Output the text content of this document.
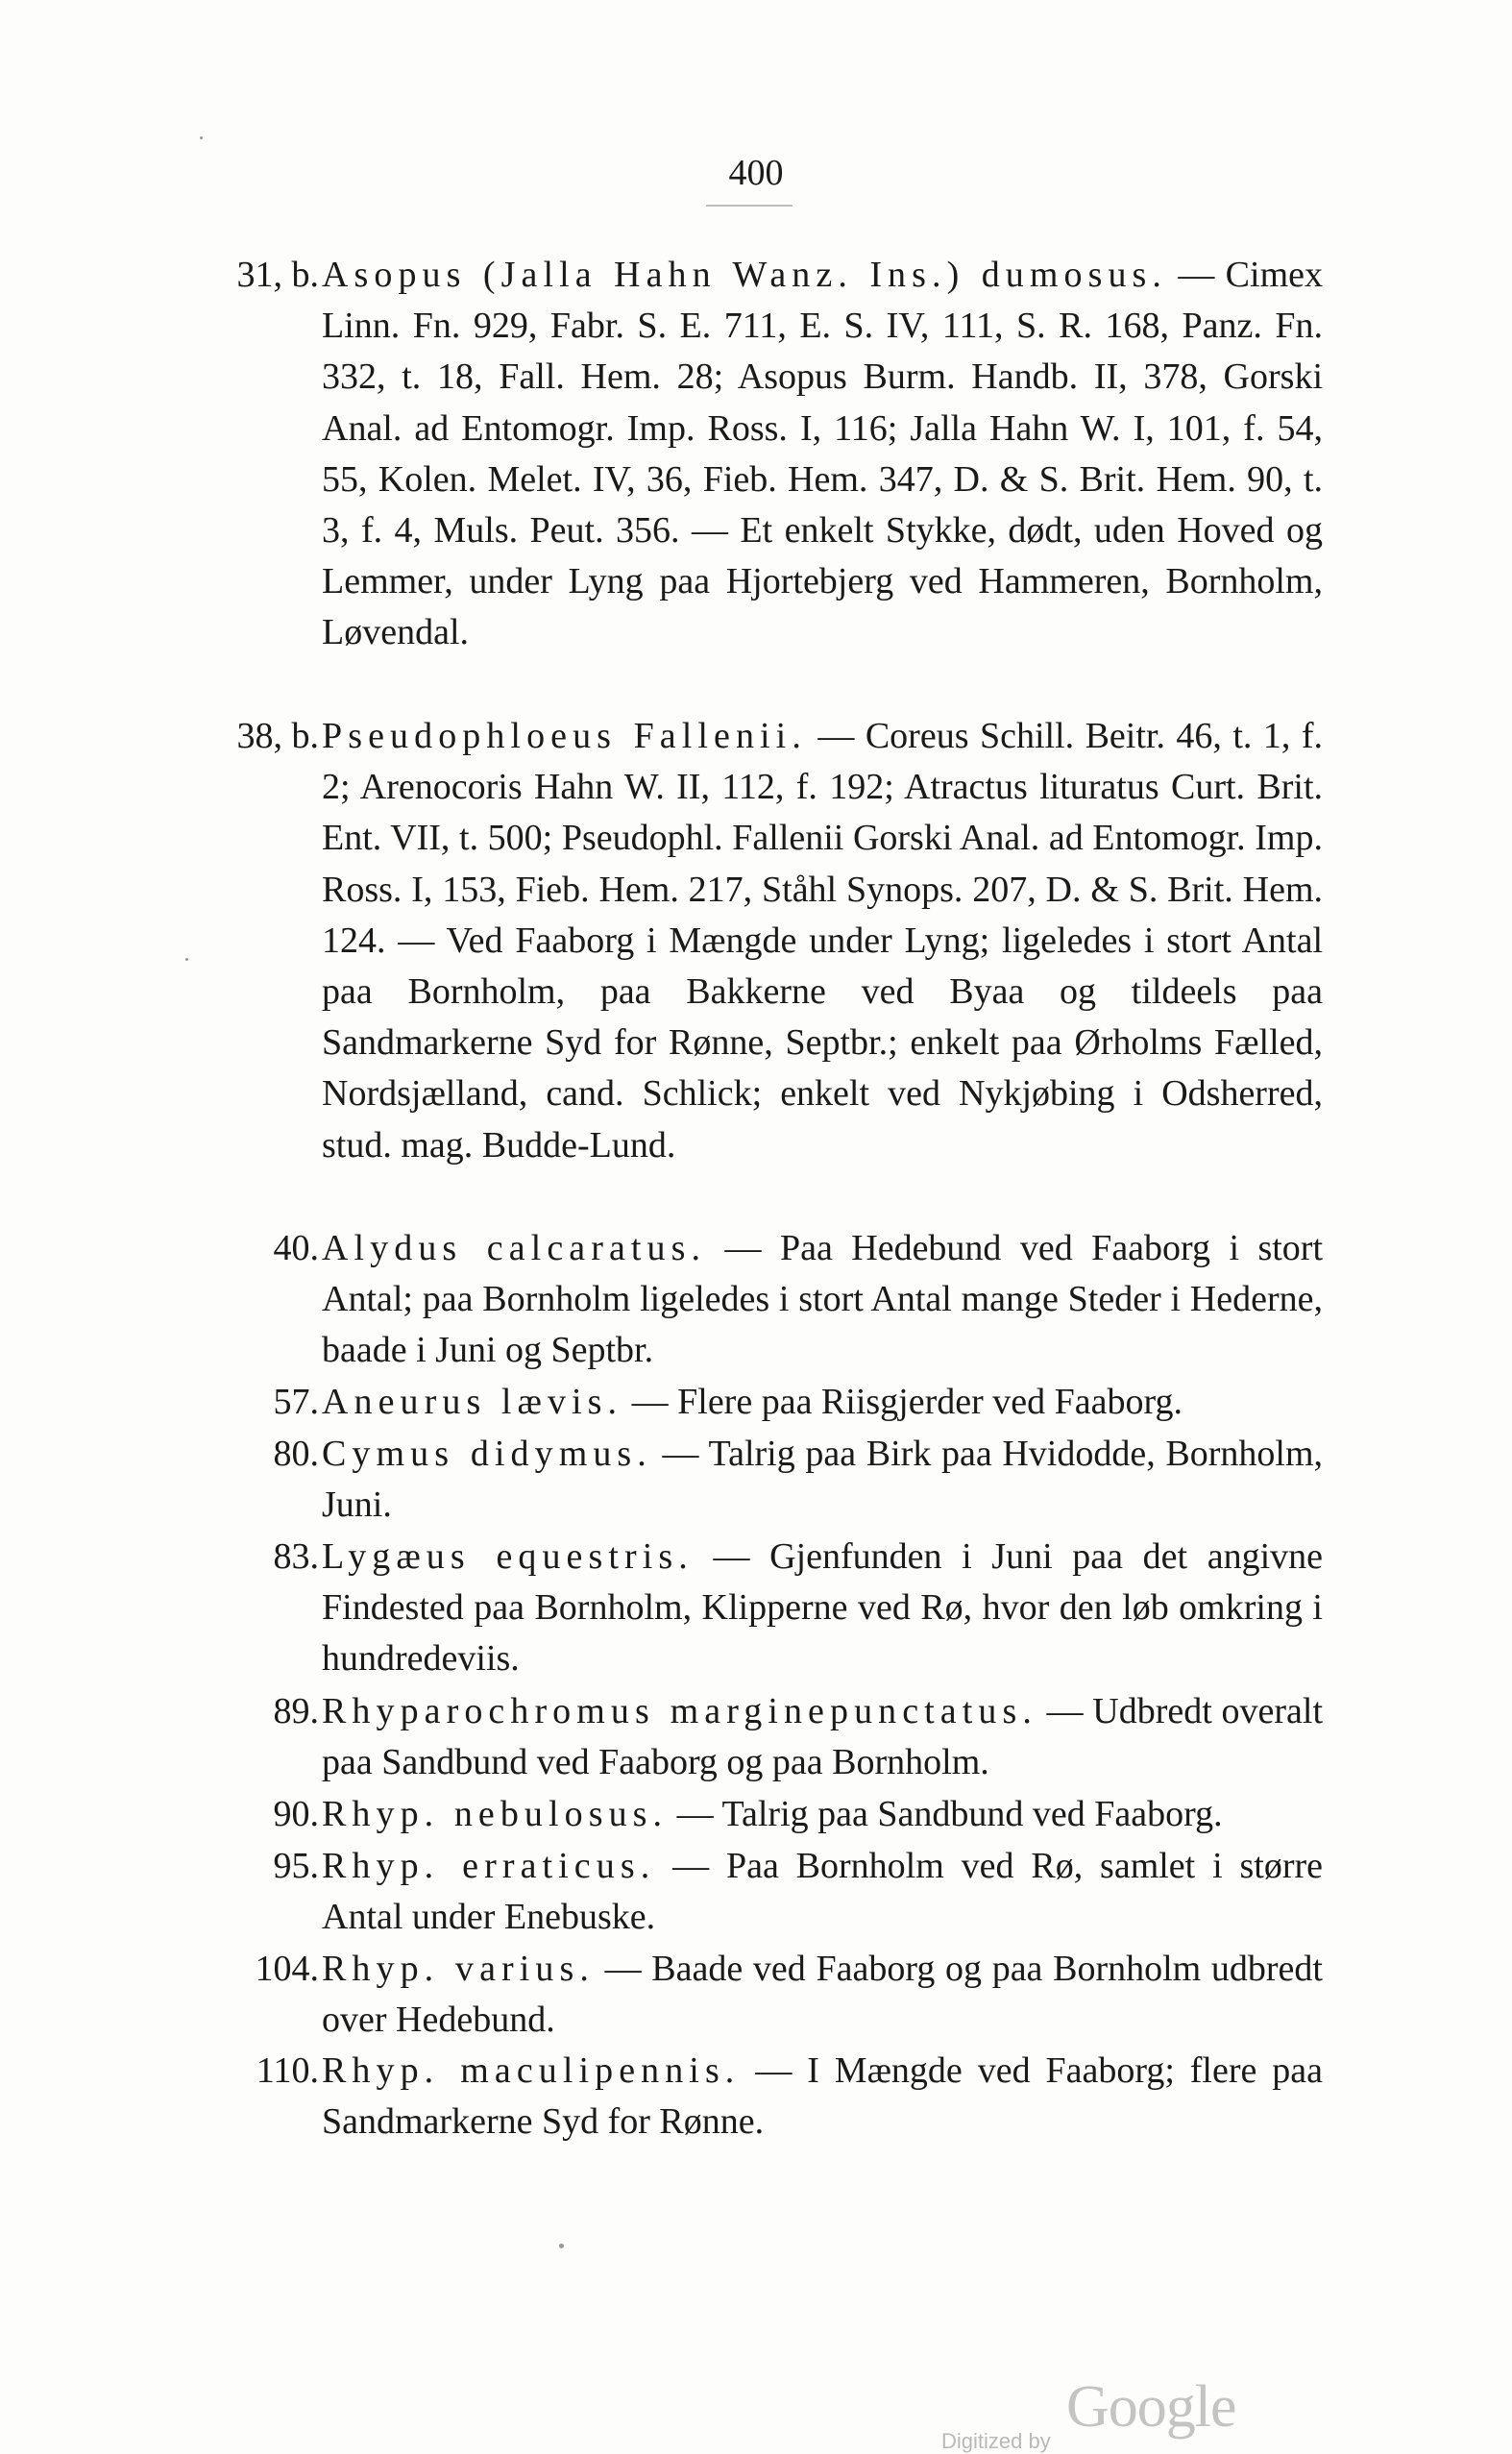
400
31, b. Asopus (Jalla Hahn Wanz. Ins.) dumosus. — Cimex Linn. Fn. 929, Fabr. S. E. 711, E. S. IV, 111, S. R. 168, Panz. Fn. 332, t. 18, Fall. Hem. 28; Asopus Burm. Handb. II, 378, Gorski Anal. ad Entomogr. Imp. Ross. I, 116; Jalla Hahn W. I, 101, f. 54, 55, Kolen. Melet. IV, 36, Fieb. Hem. 347, D. & S. Brit. Hem. 90, t. 3, f. 4, Muls. Peut. 356. — Et enkelt Stykke, dødt, uden Hoved og Lemmer, under Lyng paa Hjortebjerg ved Hammeren, Bornholm, Løvendal.
38, b. Pseudophloeus Fallenii. — Coreus Schill. Beitr. 46, t. 1, f. 2; Arenocoris Hahn W. II, 112, f. 192; Atractus lituratus Curt. Brit. Ent. VII, t. 500; Pseudophl. Fallenii Gorski Anal. ad Entomogr. Imp. Ross. I, 153, Fieb. Hem. 217, Ståhl Synops. 207, D. & S. Brit. Hem. 124. — Ved Faaborg i Mængde under Lyng; ligeledes i stort Antal paa Bornholm, paa Bakkerne ved Byaa og tildeels paa Sandmarkerne Syd for Rønne, Septbr.; enkelt paa Ørholms Fælled, Nordsjælland, cand. Schlick; enkelt ved Nykjøbing i Odsherred, stud. mag. Budde-Lund.
40. Alydus calcaratus. — Paa Hedebund ved Faaborg i stort Antal; paa Bornholm ligeledes i stort Antal mange Steder i Hederne, baade i Juni og Septbr.
57. Aneurus lævis. — Flere paa Riisgjerder ved Faaborg.
80. Cymus didymus. — Talrig paa Birk paa Hvidodde, Bornholm, Juni.
83. Lygæus equestris. — Gjenfunden i Juni paa det angivne Findested paa Bornholm, Klipperne ved Rø, hvor den løb omkring i hundredeviis.
89. Rhyparochromus marginepunctatus. — Udbredt overalt paa Sandbund ved Faaborg og paa Bornholm.
90. Rhyp. nebulosus. — Talrig paa Sandbund ved Faaborg.
95. Rhyp. erraticus. — Paa Bornholm ved Rø, samlet i større Antal under Enebuske.
104. Rhyp. varius. — Baade ved Faaborg og paa Bornholm udbredt over Hedebund.
110. Rhyp. maculipennis. — I Mængde ved Faaborg; flere paa Sandmarkerne Syd for Rønne.
Digitized by
Google
